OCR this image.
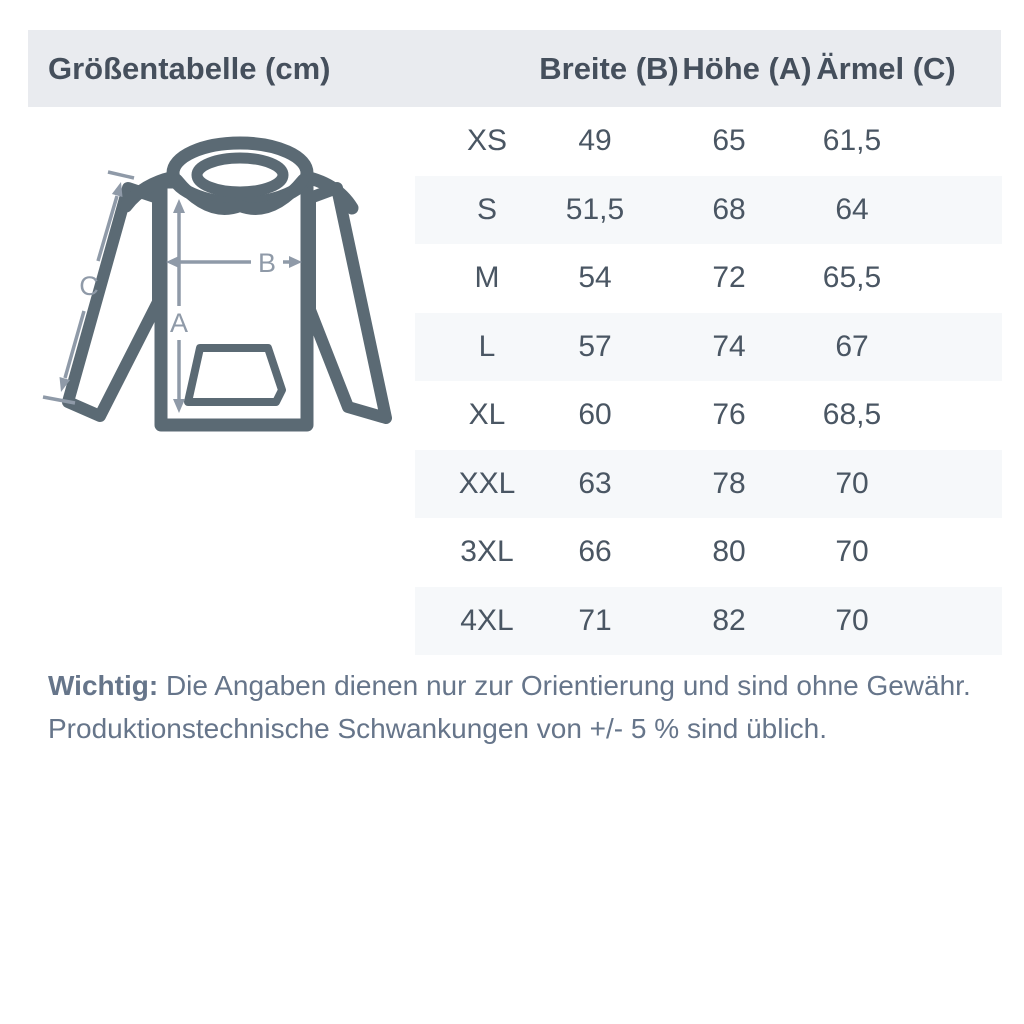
Größentabelle (cm)	Breite (B) Höhe (A) Ärmel (C)
A
B
C
XS 49	65	61,5
S 51,5	68	64
M	54	72	65,5
L	57	74	67
XL 60	76	68,5
XXL 63	78	70
3XL 66	80	70
4XL 71	82	70

Wichtig: Die Angaben dienen nur zur Orientierung und sind ohne Gewähr.
Produktionstechnische Schwankungen von +/- 5 % sind üblich.
